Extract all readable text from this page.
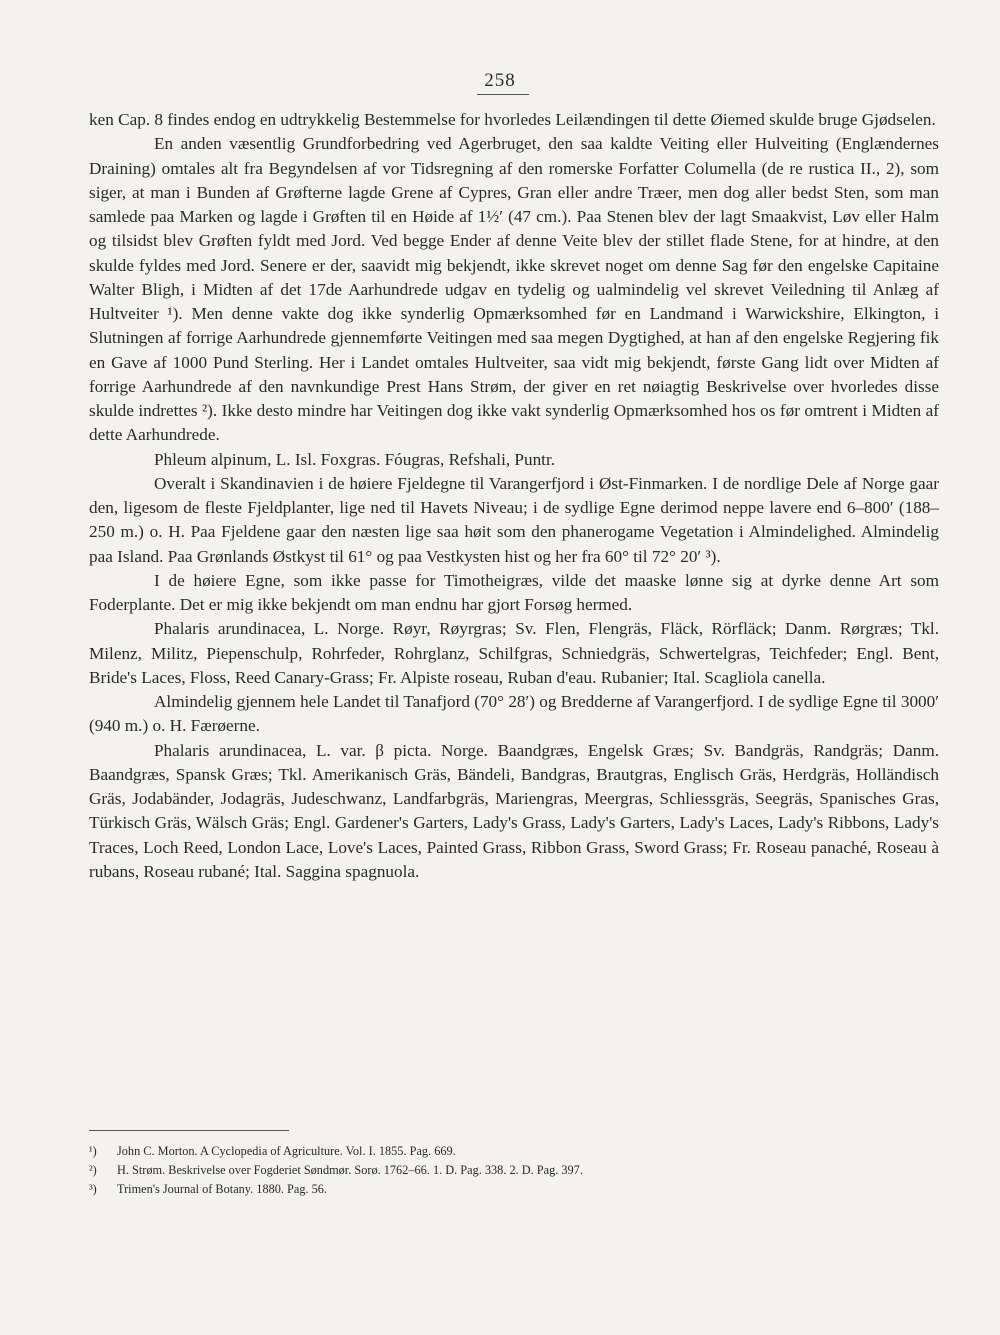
258

ken Cap. 8 findes endog en udtrykkelig Bestemmelse for hvorledes Leilændingen til dette Øiemed skulde bruge Gjødselen.

En anden væsentlig Grundforbedring ved Agerbruget, den saa kaldte Veiting eller Hulveiting (Englændernes Draining) omtales alt fra Begyndelsen af vor Tidsregning af den romerske Forfatter Columella (de re rustica II., 2), som siger, at man i Bunden af Grøfterne lagde Grene af Cypres, Gran eller andre Træer, men dog aller bedst Sten, som man samlede paa Marken og lagde i Grøften til en Høide af 1½′ (47 cm.). Paa Stenen blev der lagt Smaakvist, Løv eller Halm og tilsidst blev Grøften fyldt med Jord. Ved begge Ender af denne Veite blev der stillet flade Stene, for at hindre, at den skulde fyldes med Jord. Senere er der, saavidt mig bekjendt, ikke skrevet noget om denne Sag før den engelske Capitaine Walter Bligh, i Midten af det 17de Aarhundrede udgav en tydelig og ualmindelig vel skrevet Veiledning til Anlæg af Hultveiter ¹). Men denne vakte dog ikke synderlig Opmærksomhed før en Landmand i Warwickshire, Elkington, i Slutningen af forrige Aarhundrede gjennemførte Veitingen med saa megen Dygtighed, at han af den engelske Regjering fik en Gave af 1000 Pund Sterling. Her i Landet omtales Hultveiter, saa vidt mig bekjendt, første Gang lidt over Midten af forrige Aarhundrede af den navnkundige Prest Hans Strøm, der giver en ret nøiagtig Beskrivelse over hvorledes disse skulde indrettes ²). Ikke desto mindre har Veitingen dog ikke vakt synderlig Opmærksomhed hos os før omtrent i Midten af dette Aarhundrede.

Phleum alpinum, L. Isl. Foxgras. Fóugras, Refshali, Puntr.

Overalt i Skandinavien i de høiere Fjeldegne til Varangerfjord i Øst-Finmarken. I de nordlige Dele af Norge gaar den, ligesom de fleste Fjeldplanter, lige ned til Havets Niveau; i de sydlige Egne derimod neppe lavere end 6–800′ (188–250 m.) o. H. Paa Fjeldene gaar den næsten lige saa høit som den phanerogame Vegetation i Almindelighed. Almindelig paa Island. Paa Grønlands Østkyst til 61° og paa Vestkysten hist og her fra 60° til 72° 20′ ³).

I de høiere Egne, som ikke passe for Timotheigræs, vilde det maaske lønne sig at dyrke denne Art som Foderplante. Det er mig ikke bekjendt om man endnu har gjort Forsøg hermed.

Phalaris arundinacea, L. Norge. Røyr, Røyrgras; Sv. Flen, Flengräs, Fläck, Rörfläck; Danm. Rørgræs; Tkl. Milenz, Militz, Piepenschulp, Rohrfeder, Rohrglanz, Schilfgras, Schniedgräs, Schwertelgras, Teichfeder; Engl. Bent, Bride's Laces, Floss, Reed Canary-Grass; Fr. Alpiste roseau, Ruban d'eau. Rubanier; Ital. Scagliola canella.

Almindelig gjennem hele Landet til Tanafjord (70° 28′) og Bredderne af Varangerfjord. I de sydlige Egne til 3000′ (940 m.) o. H. Færøerne.

Phalaris arundinacea, L. var. β picta. Norge. Baandgræs, Engelsk Græs; Sv. Bandgräs, Randgräs; Danm. Baandgræs, Spansk Græs; Tkl. Amerikanisch Gräs, Bändeli, Bandgras, Brautgras, Englisch Gräs, Herdgräs, Holländisch Gräs, Jodabänder, Jodagräs, Judeschwanz, Landfarbgräs, Mariengras, Meergras, Schliessgräs, Seegräs, Spanisches Gras, Türkisch Gräs, Wälsch Gräs; Engl. Gardener's Garters, Lady's Grass, Lady's Garters, Lady's Laces, Lady's Ribbons, Lady's Traces, Loch Reed, London Lace, Love's Laces, Painted Grass, Ribbon Grass, Sword Grass; Fr. Roseau panaché, Roseau à rubans, Roseau rubané; Ital. Saggina spagnuola.

¹) John C. Morton. A Cyclopedia of Agriculture. Vol. I. 1855. Pag. 669.
²) H. Strøm. Beskrivelse over Fogderiet Søndmør. Sorø. 1762–66. 1. D. Pag. 338. 2. D. Pag. 397.
³) Trimen's Journal of Botany. 1880. Pag. 56.
